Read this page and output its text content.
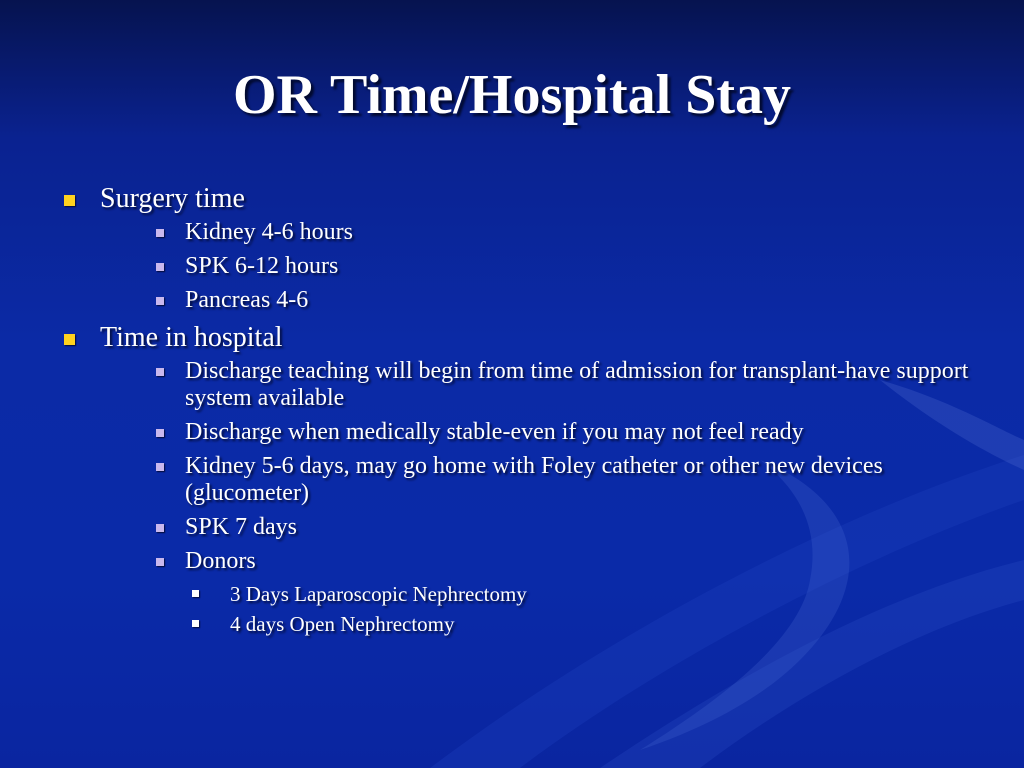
OR Time/Hospital Stay
Surgery time
Kidney 4-6 hours
SPK 6-12 hours
Pancreas 4-6
Time in hospital
Discharge teaching will begin from time of admission for transplant-have support system available
Discharge when medically stable-even if you may not feel ready
Kidney 5-6 days, may go home with Foley catheter or other new devices (glucometer)
SPK 7 days
Donors
3 Days Laparoscopic Nephrectomy
4 days Open Nephrectomy
